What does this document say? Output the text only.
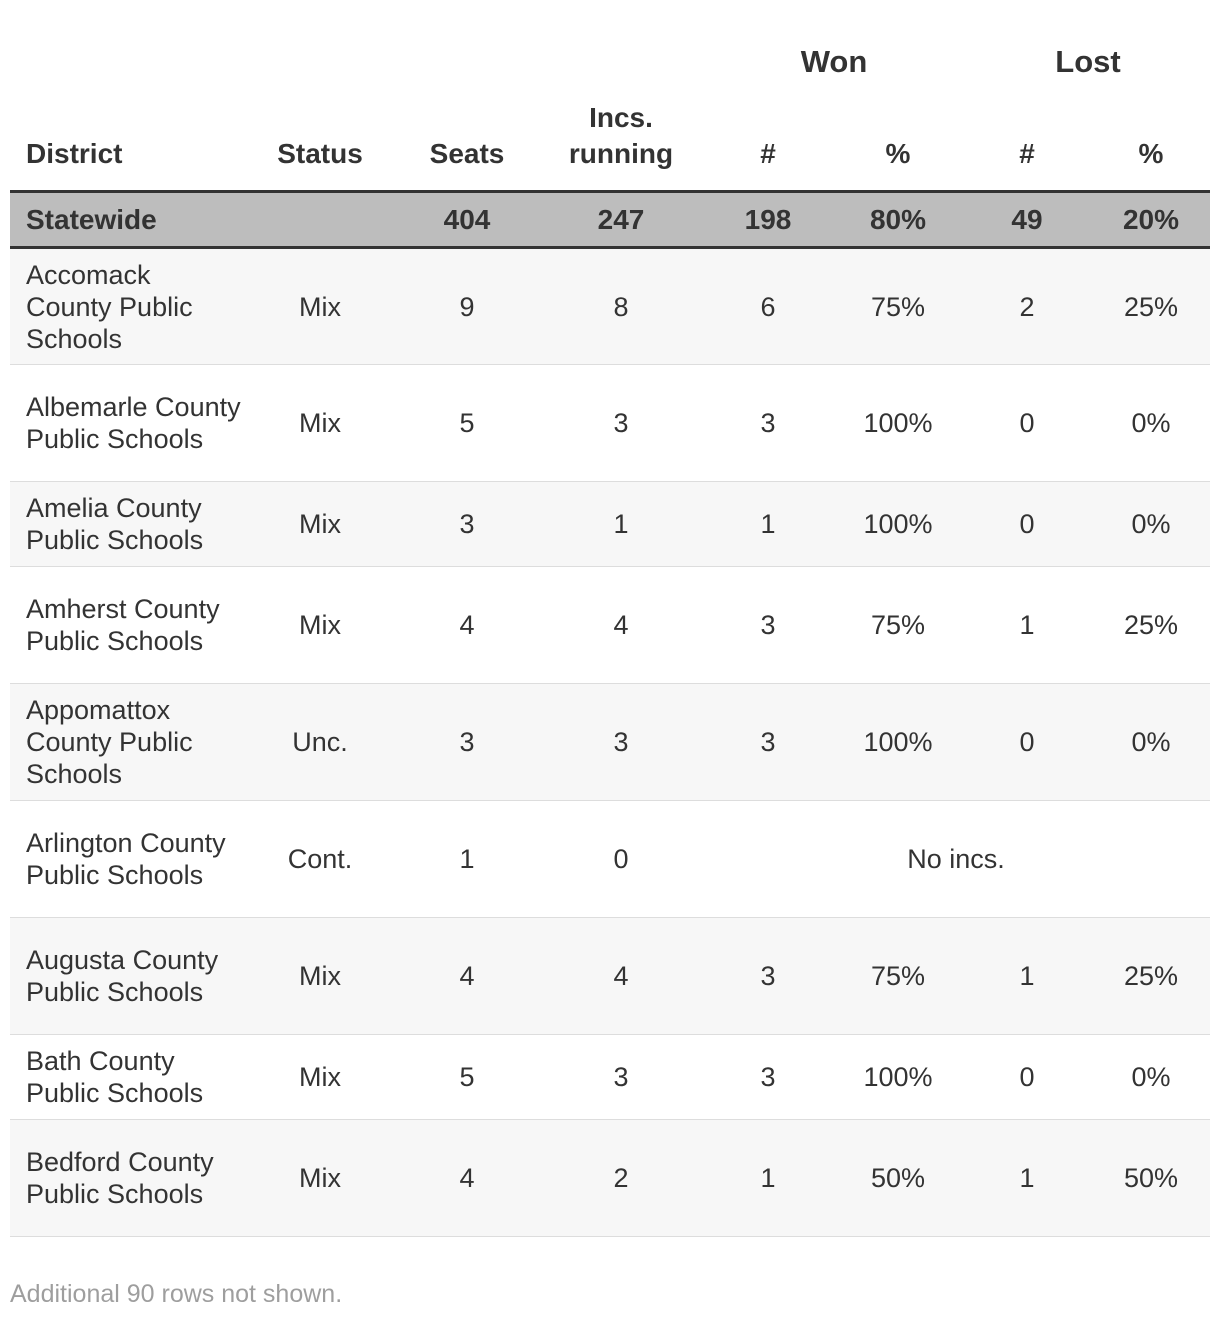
Won	Lost
District	Status	Seats	Incs.
running	#	%	#	%
Statewide		404	247	198	80%	49	20%
Accomack County Public Schools	Mix	9	8	6	75%	2	25%
Albemarle County Public Schools	Mix	5	3	3	100%	0	0%
Amelia County Public Schools	Mix	3	1	1	100%	0	0%
Amherst County Public Schools	Mix	4	4	3	75%	1	25%
Appomattox County Public Schools	Unc.	3	3	3	100%	0	0%
Arlington County Public Schools	Cont.	1	0	No incs.			
Augusta County Public Schools	Mix	4	4	3	75%	1	25%
Bath County Public Schools	Mix	5	3	3	100%	0	0%
Bedford County Public Schools	Mix	4	2	1	50%	1	50%
Additional 90 rows not shown.
